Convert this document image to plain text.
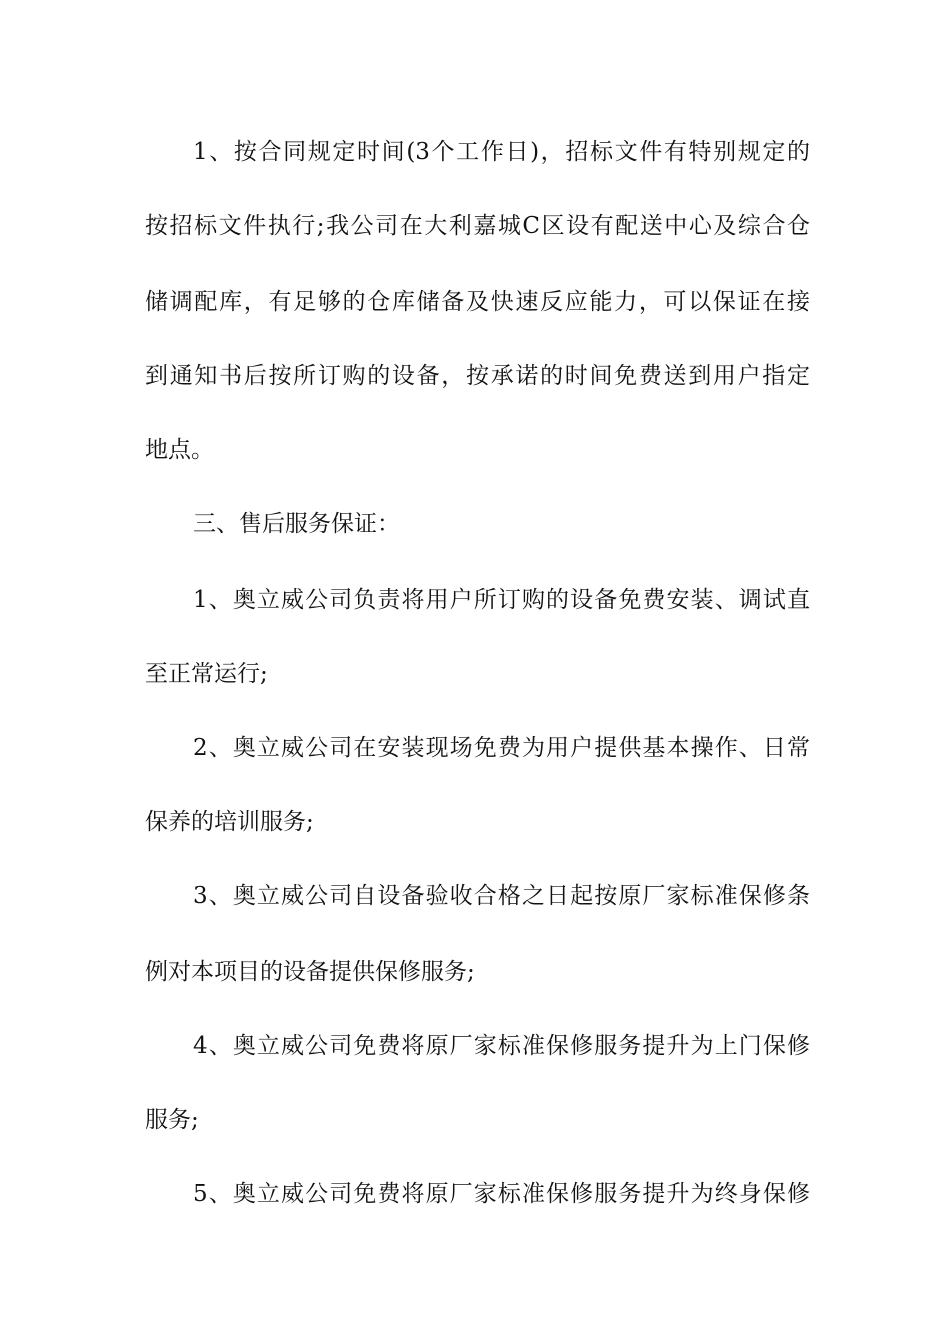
1、按合同规定时间(3个工作日)，招标文件有特别规定的
按招标文件执行;我公司在大利嘉城C区设有配送中心及综合仓
储调配库，有足够的仓库储备及快速反应能力，可以保证在接
到通知书后按所订购的设备，按承诺的时间免费送到用户指定
地点。
三、售后服务保证：
1、奥立威公司负责将用户所订购的设备免费安装、调试直
至正常运行;
2、奥立威公司在安装现场免费为用户提供基本操作、日常
保养的培训服务;
3、奥立威公司自设备验收合格之日起按原厂家标准保修条
例对本项目的设备提供保修服务;
4、奥立威公司免费将原厂家标准保修服务提升为上门保修
服务;
5、奥立威公司免费将原厂家标准保修服务提升为终身保修
